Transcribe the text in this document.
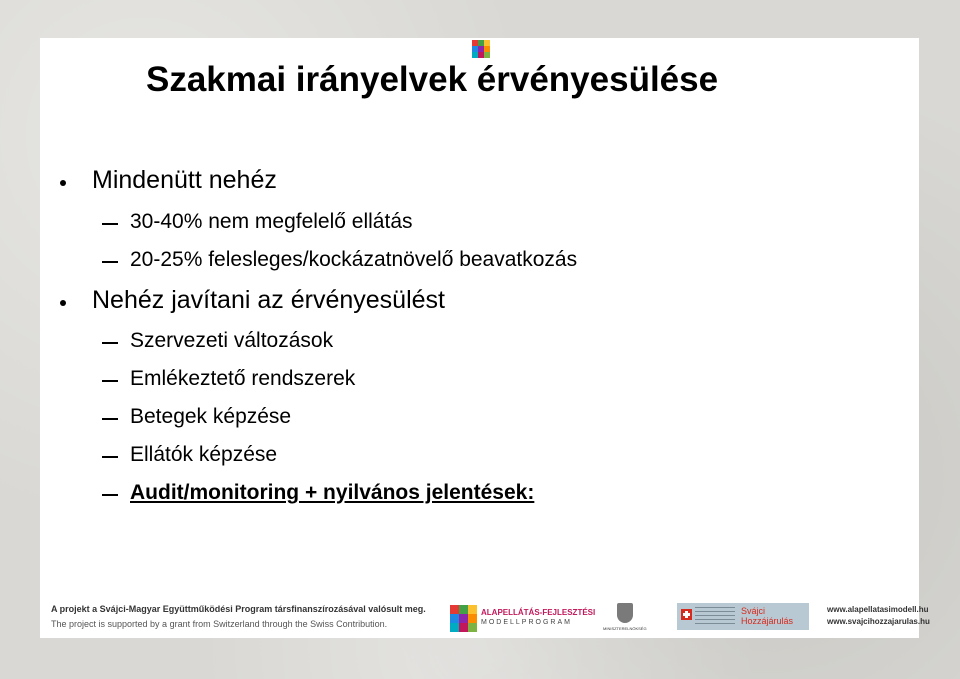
Szakmai irányelvek érvényesülése
Mindenütt nehéz
30-40% nem megfelelő ellátás
20-25% felesleges/kockázatnövelő beavatkozás
Nehéz javítani az érvényesülést
Szervezeti változások
Emlékeztető rendszerek
Betegek képzése
Ellátók képzése
Audit/monitoring + nyilvános jelentések:
A projekt a Svájci-Magyar Együttműködési Program társfinanszírozásával valósult meg.
The project is supported by a grant from Switzerland through the Swiss Contribution.
ALAPELLÁTÁS-FEJLESZTÉSI
MODELLPROGRAM
MINISZTERELNÖKSÉG
Svájci
Hozzájárulás
www.alapellatasimodell.hu
www.svajcihozzajarulas.hu
